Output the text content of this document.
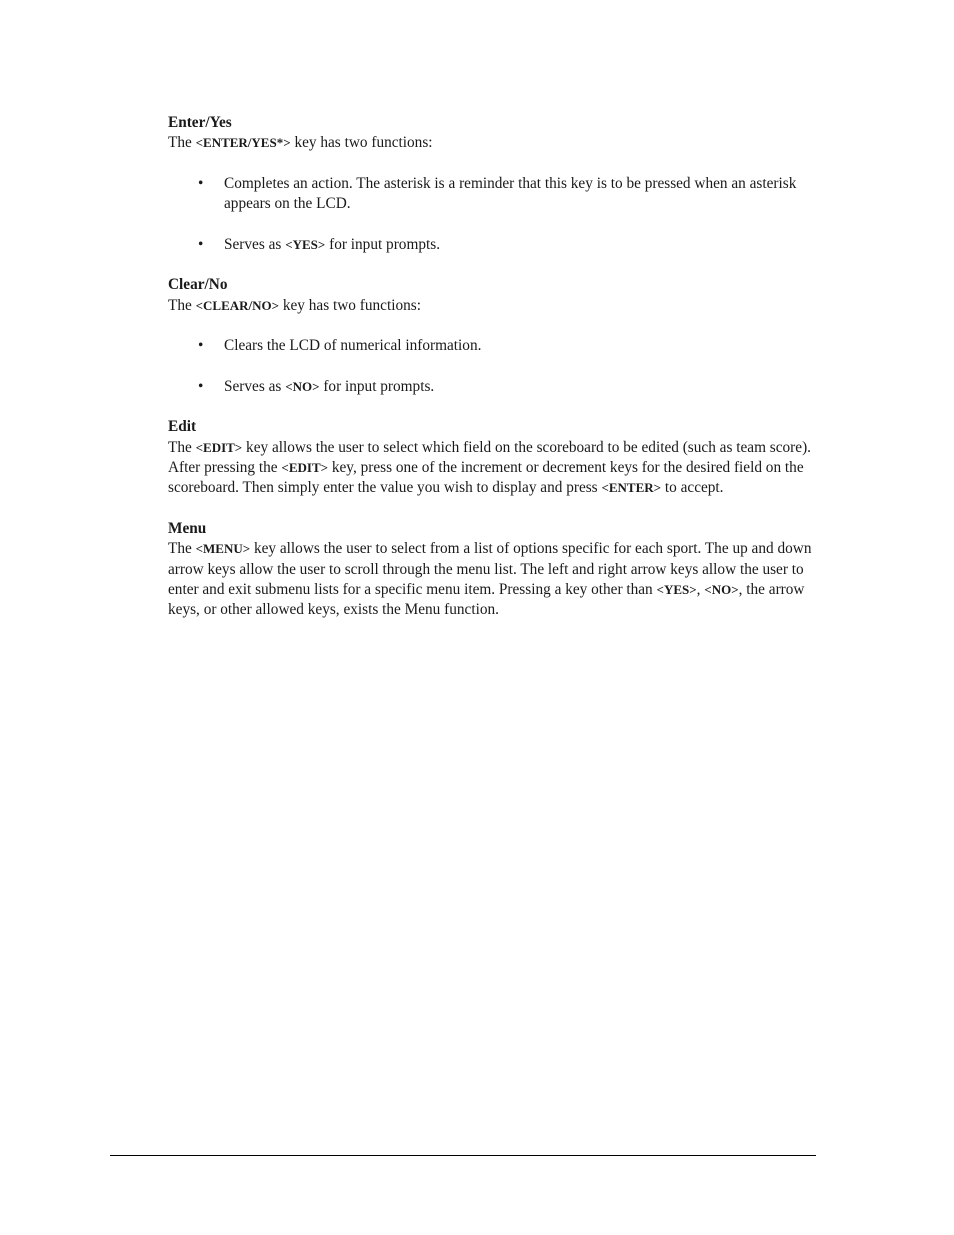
Enter/Yes

The <ENTER/YES*> key has two functions:

• Completes an action. The asterisk is a reminder that this key is to be pressed when an asterisk appears on the LCD.
• Serves as <YES> for input prompts.

Clear/No

The <CLEAR/NO> key has two functions:

• Clears the LCD of numerical information.
• Serves as <NO> for input prompts.

Edit

The <EDIT> key allows the user to select which field on the scoreboard to be edited (such as team score). After pressing the <EDIT> key, press one of the increment or decrement keys for the desired field on the scoreboard. Then simply enter the value you wish to display and press <ENTER> to accept.

Menu

The <MENU> key allows the user to select from a list of options specific for each sport. The up and down arrow keys allow the user to scroll through the menu list. The left and right arrow keys allow the user to enter and exit submenu lists for a specific menu item. Pressing a key other than <YES>, <NO>, the arrow keys, or other allowed keys, exists the Menu function.
